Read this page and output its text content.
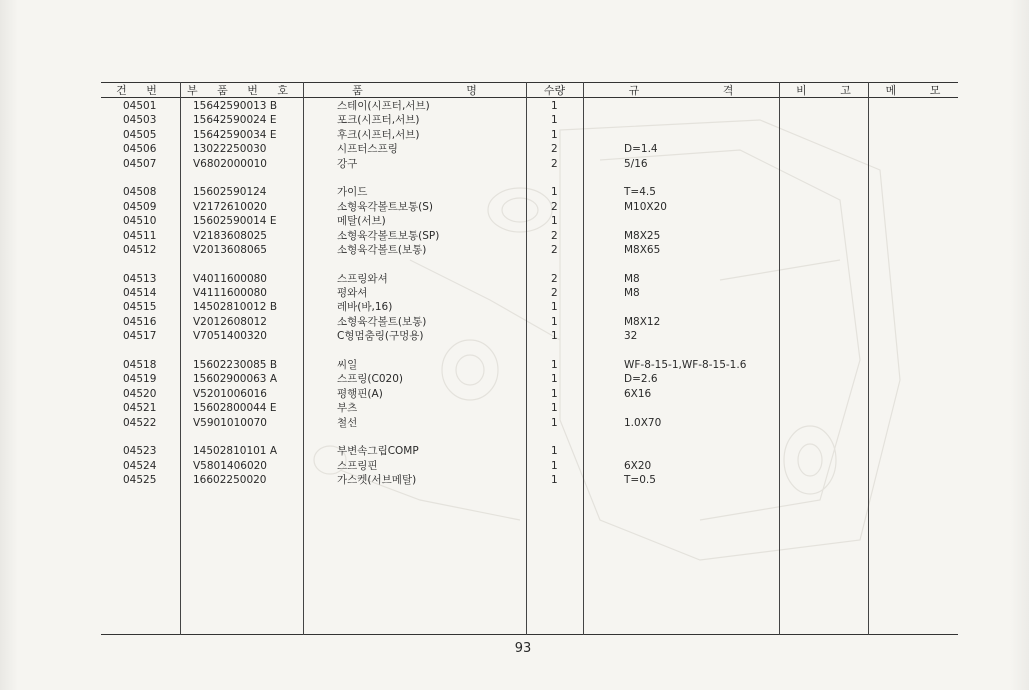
건 번	부 품 번 호	품 명	수량	규 격	비 고	메 모
04501	15642590013 B	스테이(시프터,서브)	1
04503	15642590024 E	포크(시프터,서브)	1
04505	15642590034 E	후크(시프터,서브)	1
04506	13022250030	시프터스프링	2	D=1.4
04507	V6802000010	강구	2	5/16
04508	15602590124	가이드	1	T=4.5
04509	V2172610020	소형육각볼트보통(S)	2	M10X20
04510	15602590014 E	메탈(서브)	1
04511	V2183608025	소형육각볼트보통(SP)	2	M8X25
04512	V2013608065	소형육각볼트(보통)	2	M8X65
04513	V4011600080	스프링와셔	2	M8
04514	V4111600080	평와셔	2	M8
04515	14502810012 B	레바(바,16)	1
04516	V2012608012	소형육각볼트(보통)	1	M8X12
04517	V7051400320	C형멈춤링(구멍용)	1	32
04518	15602230085 B	씨일	1	WF-8-15-1,WF-8-15-1.6
04519	15602900063 A	스프링(C020)	1	D=2.6
04520	V5201006016	평행핀(A)	1	6X16
04521	15602800044 E	부츠	1
04522	V5901010070	철선	1	1.0X70
04523	14502810101 A	부변속그립COMP	1
04524	V5801406020	스프링핀	1	6X20
04525	16602250020	가스켓(서브메탈)	1	T=0.5
93
